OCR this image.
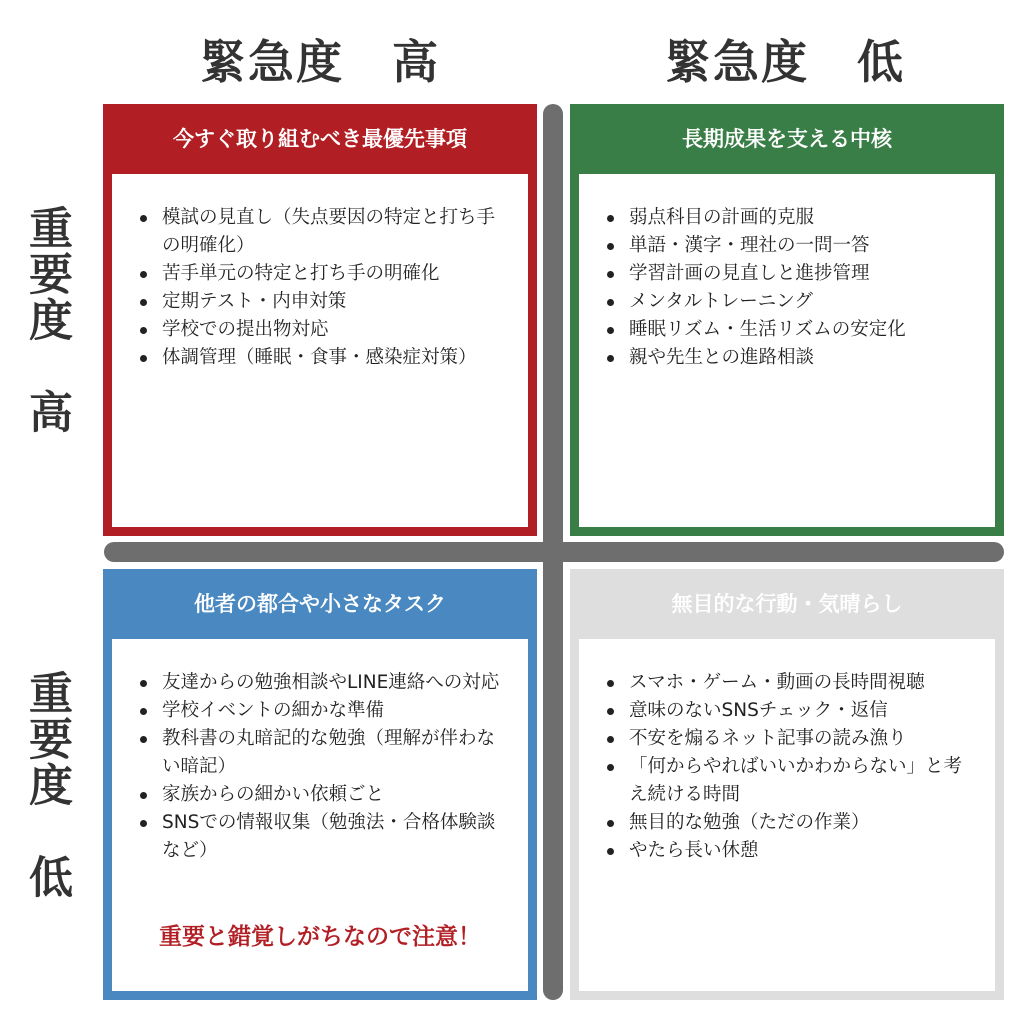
緊急度　高	緊急度　低
重要度　高
重要度　低
今すぐ取り組むべき最優先事項
模試の見直し（失点要因の特定と打ち手の明確化）
苦手単元の特定と打ち手の明確化
定期テスト・内申対策
学校での提出物対応
体調管理（睡眠・食事・感染症対策）
長期成果を支える中核
弱点科目の計画的克服
単語・漢字・理社の一問一答
学習計画の見直しと進捗管理
メンタルトレーニング
睡眠リズム・生活リズムの安定化
親や先生との進路相談
他者の都合や小さなタスク
友達からの勉強相談やLINE連絡への対応
学校イベントの細かな準備
教科書の丸暗記的な勉強（理解が伴わない暗記）
家族からの細かい依頼ごと
SNSでの情報収集（勉強法・合格体験談など）
重要と錯覚しがちなので注意！
無目的な行動・気晴らし
スマホ・ゲーム・動画の長時間視聴
意味のないSNSチェック・返信
不安を煽るネット記事の読み漁り
「何からやればいいかわからない」と考え続ける時間
無目的な勉強（ただの作業）
やたら長い休憩
